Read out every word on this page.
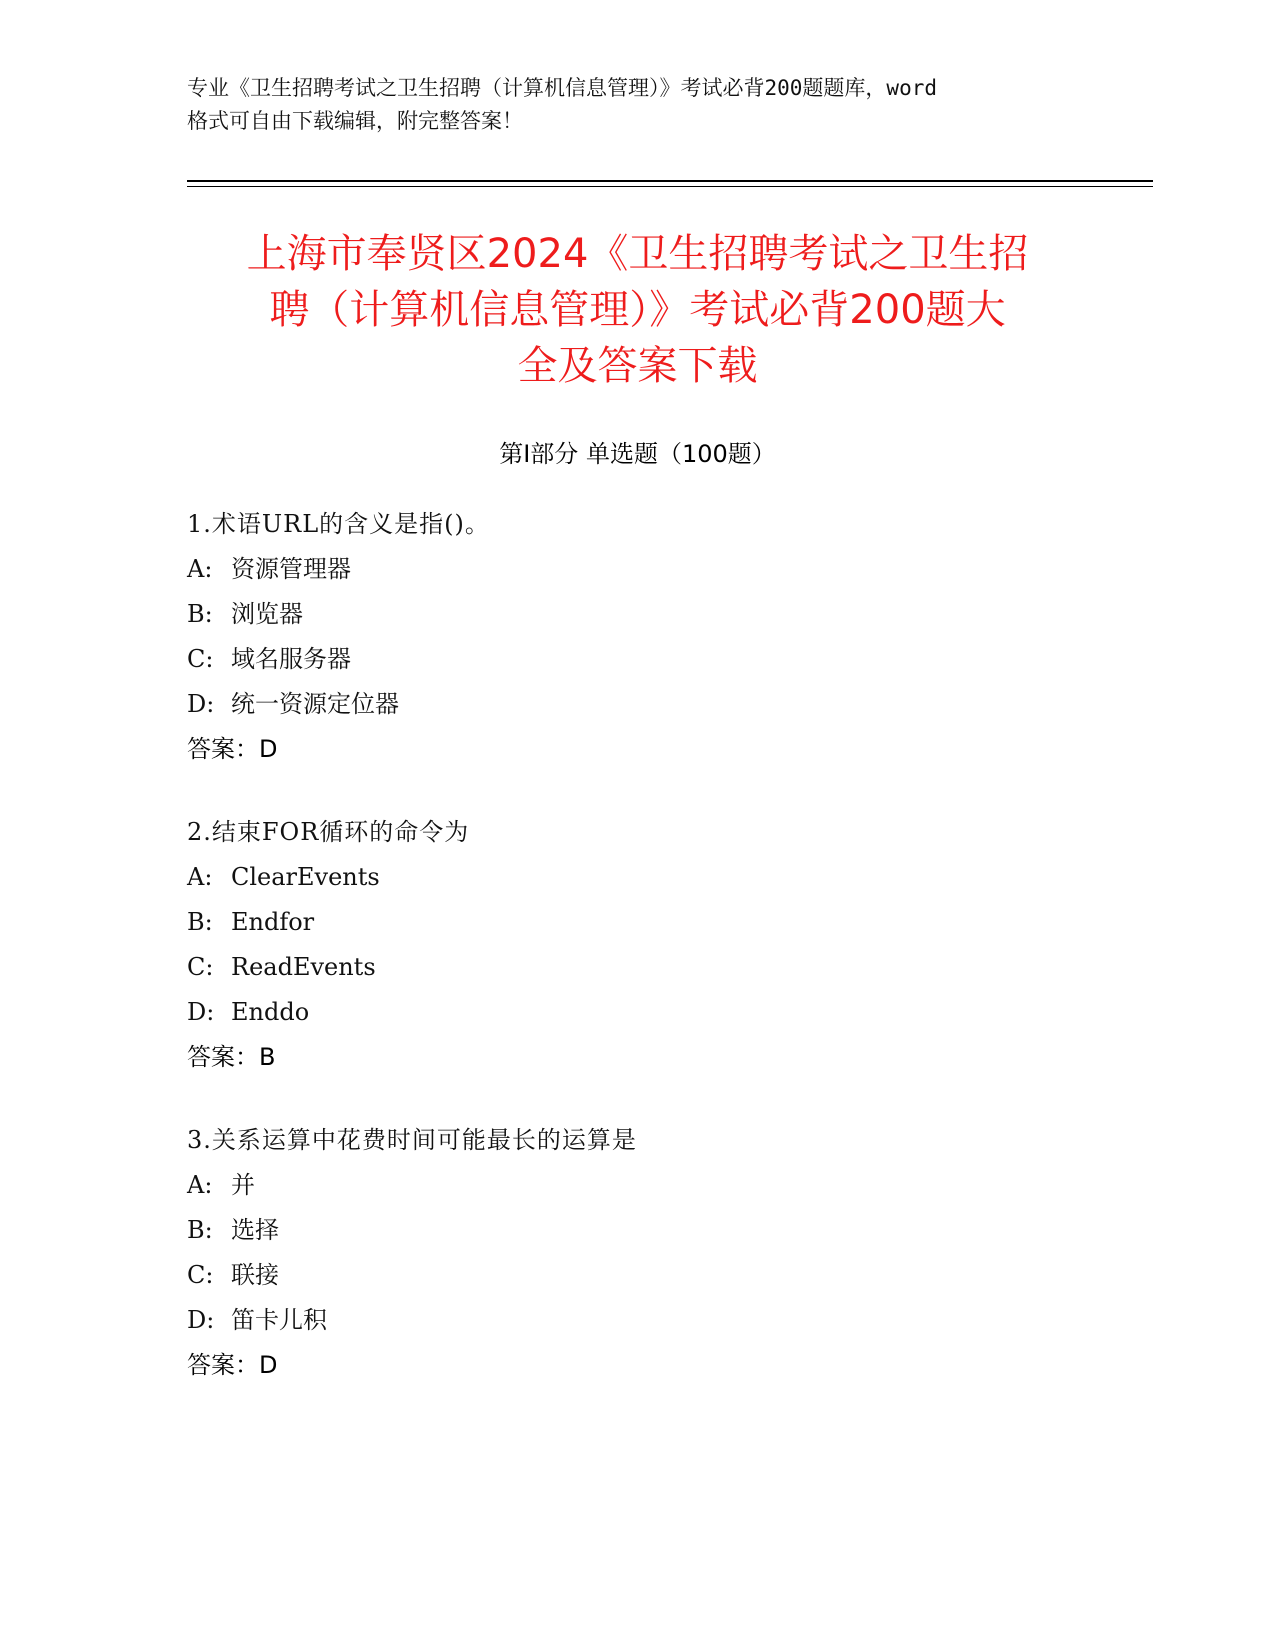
专业《卫生招聘考试之卫生招聘（计算机信息管理）》考试必背200题题库，word
格式可自由下载编辑，附完整答案！

上海市奉贤区2024《卫生招聘考试之卫生招
聘（计算机信息管理）》考试必背200题大
全及答案下载
第I部分 单选题（100题）
1.术语URL的含义是指()。
A: 资源管理器
B: 浏览器
C: 域名服务器
D: 统一资源定位器
答案：D
2.结束FOR循环的命令为
A: ClearEvents
B: Endfor
C: ReadEvents
D: Enddo
答案：B
3.关系运算中花费时间可能最长的运算是
A: 并
B: 选择
C: 联接
D: 笛卡儿积
答案：D
